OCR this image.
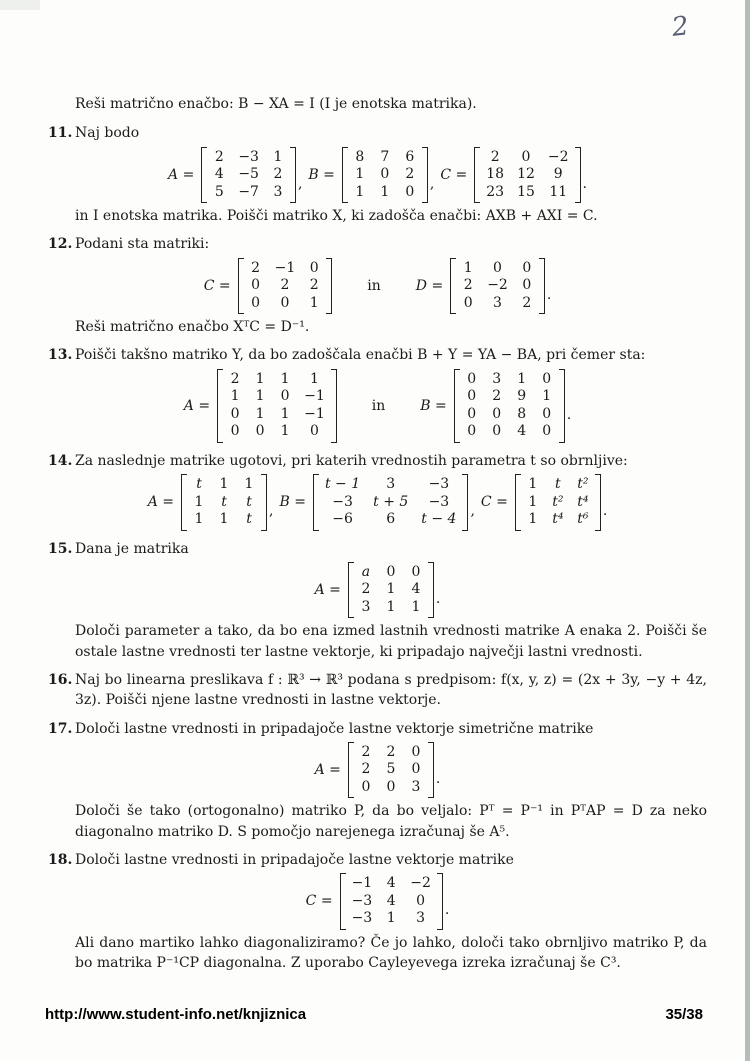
2
Reši matrično enačbo: B − XA = I (I je enotska matrika).
11. Naj bodo
A =
2 −3 1
4 −5 2
5 −7 3 ,
B =
8 7 6
1 0 2
1 1 0 ,
C =
2	0	−2
18 12	9
23 15 11 .
in I enotska matrika. Poišči matriko X, ki zadošča enačbi: AXB + AXI = C.
12. Podani sta matriki:
C =
2 −1 0
0	2	2
0	0	1
in	D =
1	0	0
2 −2 0
0	3	2 .
Reši matrično enačbo XᵀC = D⁻¹.
13. Poišči takšno matriko Y, da bo zadoščala enačbi B + Y = YA − BA, pri čemer sta:
A =
2 1 1	1
1 1 0 −1
0 1 1 −1
0 0 1	0
in	B =
0 3 1 0
0 2 9 1
0 0 8 0
0 0 4 0
.
14. Za naslednje matrike ugotovi, pri katerih vrednostih parametra t so obrnljive:
A =
t 1 1
1 t t
1 1 t ,
B =
t − 1	3	−3
−3	t + 5	−3
−6	6	t − 4 ,
C =
1 t t²
1 t² t⁴
1 t⁴ t⁶ .
15. Dana je matrika
A =
a 0 0
2 1 4
3 1 1 .
Določi parameter a tako, da bo ena izmed lastnih vrednosti matrike A enaka 2. Poišči še ostale lastne vrednosti ter lastne vektorje, ki pripadajo največji lastni vrednosti.
16. Naj bo linearna preslikava f : ℝ³ → ℝ³ podana s predpisom: f(x, y, z) = (2x + 3y, −y + 4z, 3z). Poišči njene lastne vrednosti in lastne vektorje.
17. Določi lastne vrednosti in pripadajoče lastne vektorje simetrične matrike
A =
2 2 0
2 5 0
0 0 3 .
Določi še tako (ortogonalno) matriko P, da bo veljalo: Pᵀ = P⁻¹ in PᵀAP = D za neko diagonalno matriko D. S pomočjo narejenega izračunaj še A⁵.
18. Določi lastne vrednosti in pripadajoče lastne vektorje matrike
C =
−1 4 −2
−3 4	0
−3 1	3	.
Ali dano martiko lahko diagonaliziramo? Če jo lahko, določi tako obrnljivo matriko P, da bo matrika P⁻¹CP diagonalna. Z uporabo Cayleyevega izreka izračunaj še C³.
http://www.student-info.net/knjiznica	35/38
